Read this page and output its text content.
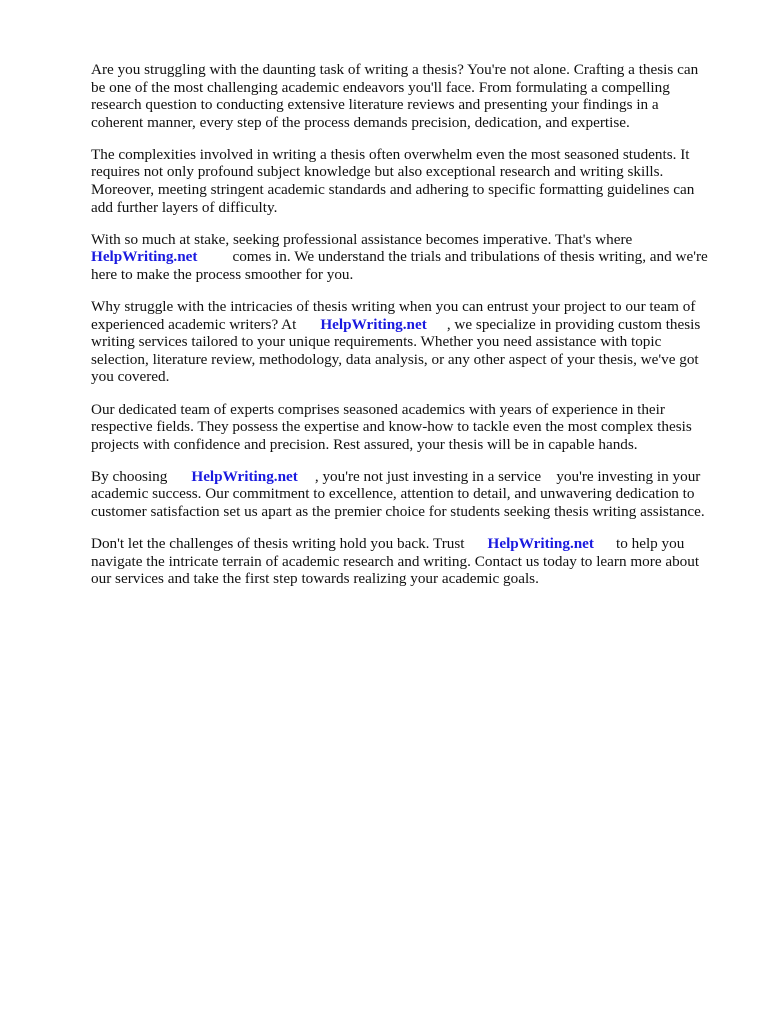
Are you struggling with the daunting task of writing a thesis? You're not alone. Crafting a thesis can
be one of the most challenging academic endeavors you'll face. From formulating a compelling
research question to conducting extensive literature reviews and presenting your findings in a
coherent manner, every step of the process demands precision, dedication, and expertise.
The complexities involved in writing a thesis often overwhelm even the most seasoned students. It
requires not only profound subject knowledge but also exceptional research and writing skills.
Moreover, meeting stringent academic standards and adhering to specific formatting guidelines can
add further layers of difficulty.
With so much at stake, seeking professional assistance becomes imperative. That's where
HelpWriting.net comes in. We understand the trials and tribulations of thesis writing, and we're
here to make the process smoother for you.
Why struggle with the intricacies of thesis writing when you can entrust your project to our team of
experienced academic writers? At HelpWriting.net , we specialize in providing custom thesis
writing services tailored to your unique requirements. Whether you need assistance with topic
selection, literature review, methodology, data analysis, or any other aspect of your thesis, we've got
you covered.
Our dedicated team of experts comprises seasoned academics with years of experience in their
respective fields. They possess the expertise and know-how to tackle even the most complex thesis
projects with confidence and precision. Rest assured, your thesis will be in capable hands.
By choosing HelpWriting.net , you're not just investing in a service    you're investing in your
academic success. Our commitment to excellence, attention to detail, and unwavering dedication to
customer satisfaction set us apart as the premier choice for students seeking thesis writing assistance.
Don't let the challenges of thesis writing hold you back. Trust HelpWriting.net to help you
navigate the intricate terrain of academic research and writing. Contact us today to learn more about
our services and take the first step towards realizing your academic goals.
